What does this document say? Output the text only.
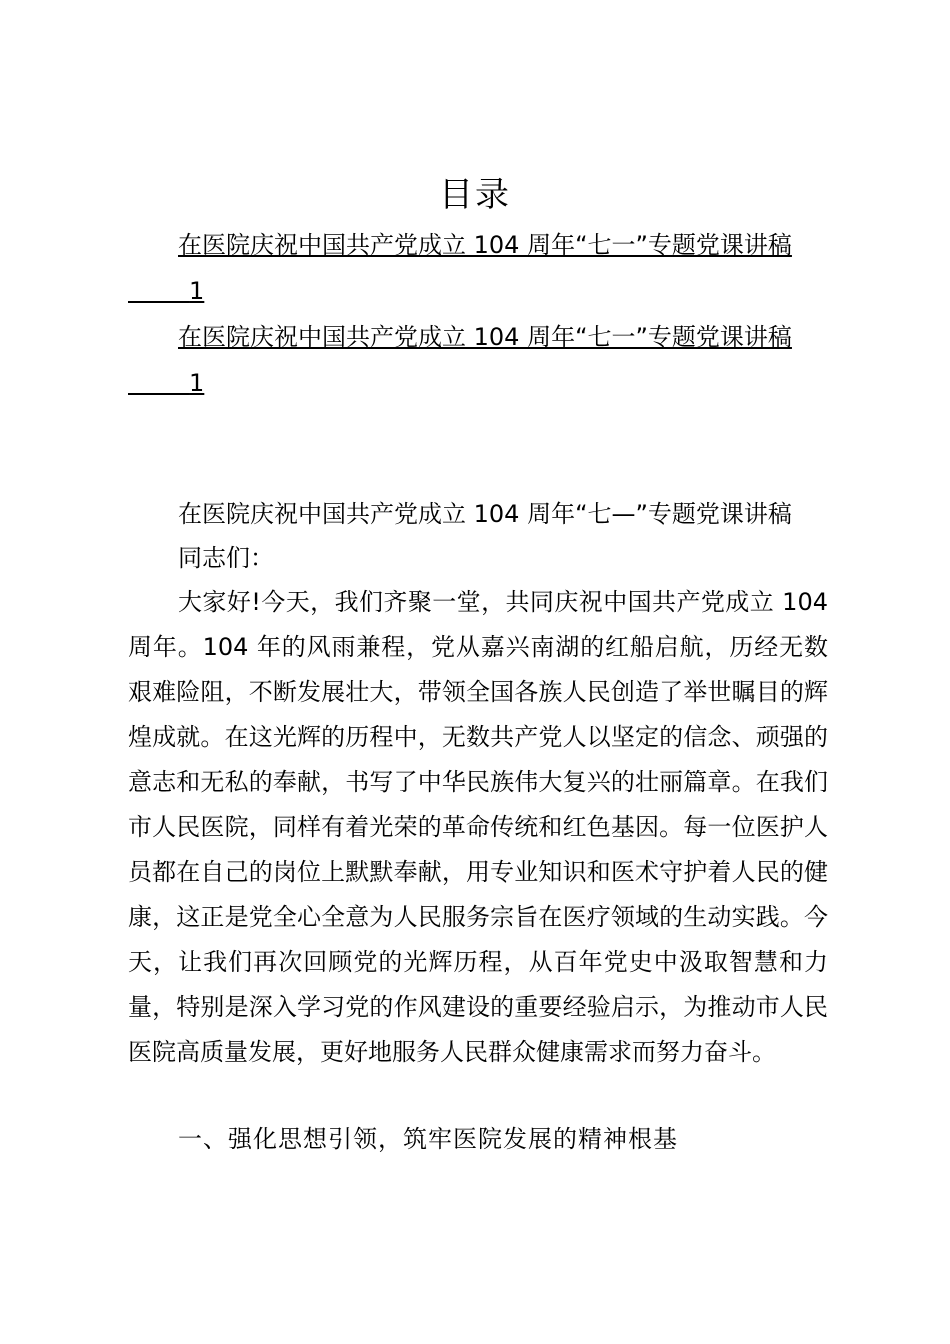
目录
在医院庆祝中国共产党成立 104 周年“七一”专题党课讲稿
1
在医院庆祝中国共产党成立 104 周年“七一”专题党课讲稿
1
在医院庆祝中国共产党成立 104 周年“七—”专题党课讲稿
同志们：

大家好!今天，我们齐聚一堂，共同庆祝中国共产党成立 104 周年。104 年的风雨兼程，党从嘉兴南湖的红船启航，历经无数艰难险阻，不断发展壮大，带领全国各族人民创造了举世瞩目的辉煌成就。在这光辉的历程中，无数共产党人以坚定的信念、顽强的意志和无私的奉献，书写了中华民族伟大复兴的壮丽篇章。在我们市人民医院，同样有着光荣的革命传统和红色基因。每一位医护人员都在自己的岗位上默默奉献，用专业知识和医术守护着人民的健康，这正是党全心全意为人民服务宗旨在医疗领域的生动实践。今天，让我们再次回顾党的光辉历程，从百年党史中汲取智慧和力量，特别是深入学习党的作风建设的重要经验启示，为推动市人民医院高质量发展，更好地服务人民群众健康需求而努力奋斗。

一、强化思想引领，筑牢医院发展的精神根基
